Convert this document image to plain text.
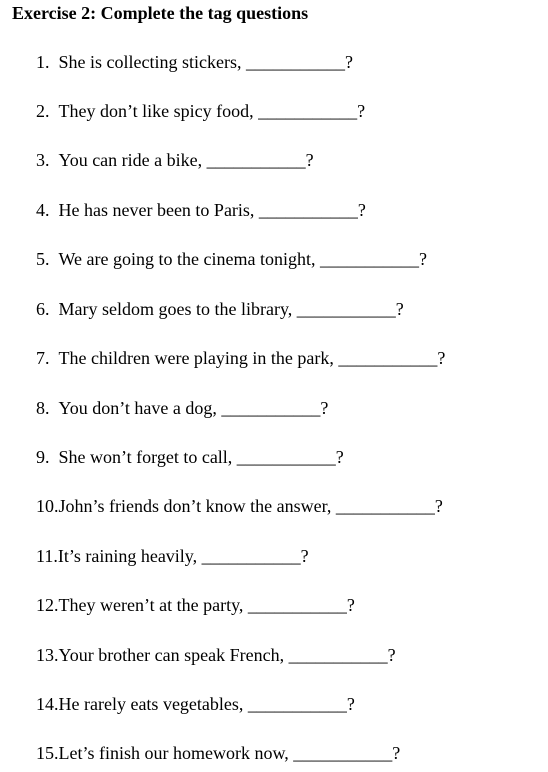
Exercise 2: Complete the tag questions
1. She is collecting stickers, ___________?
2. They don’t like spicy food, ___________?
3. You can ride a bike, ___________?
4. He has never been to Paris, ___________?
5. We are going to the cinema tonight, ___________?
6. Mary seldom goes to the library, ___________?
7. The children were playing in the park, ___________?
8. You don’t have a dog, ___________?
9. She won’t forget to call, ___________?
10.John’s friends don’t know the answer, ___________?
11.It’s raining heavily, ___________?
12.They weren’t at the party, ___________?
13.Your brother can speak French, ___________?
14.He rarely eats vegetables, ___________?
15.Let’s finish our homework now, ___________?
